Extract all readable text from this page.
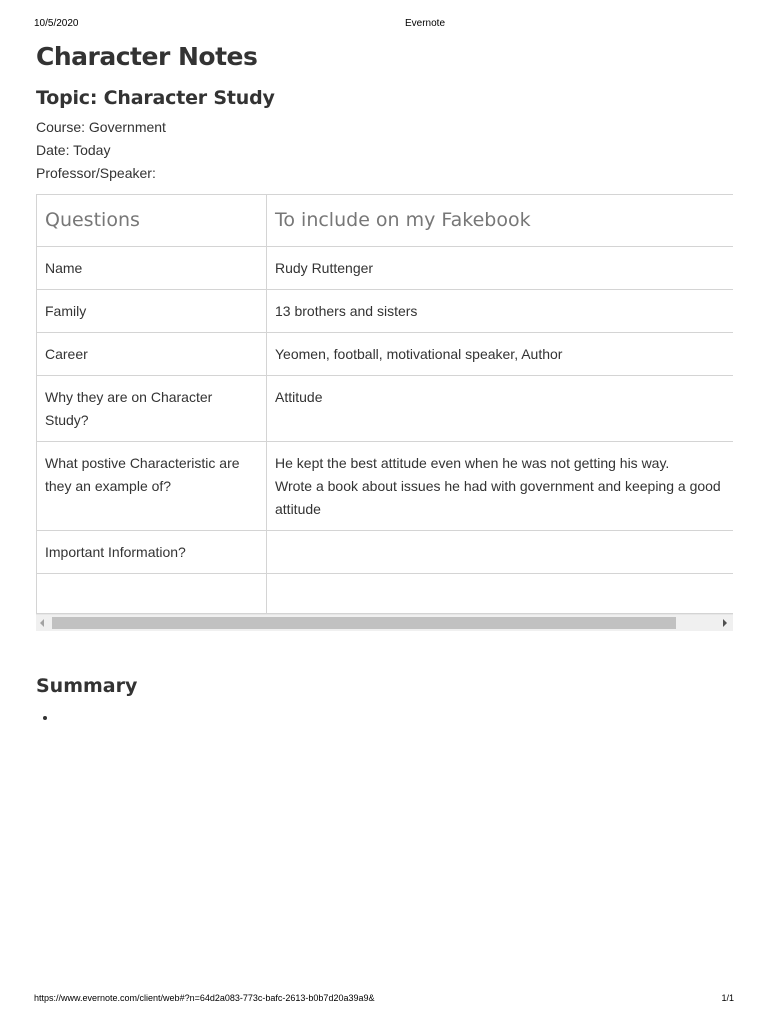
10/5/2020	Evernote
Character Notes
Topic: Character Study
Course: Government
Date: Today
Professor/Speaker:
Questions	To include on my Fakebook
Name	Rudy Ruttenger

Family	13 brothers and sisters

Career	Yeomen, football, motivational speaker, Author

Why they are on Character Study?	Attitude

What postive Characteristic are they an example of?	He kept the best attitude even when he was not getting his way.
Wrote a book about issues he had with government and keeping a good attitude

Important Information?	

Summary
•
https://www.evernote.com/client/web#?n=64d2a083-773c-bafc-2613-b0b7d20a39a9&	1/1
